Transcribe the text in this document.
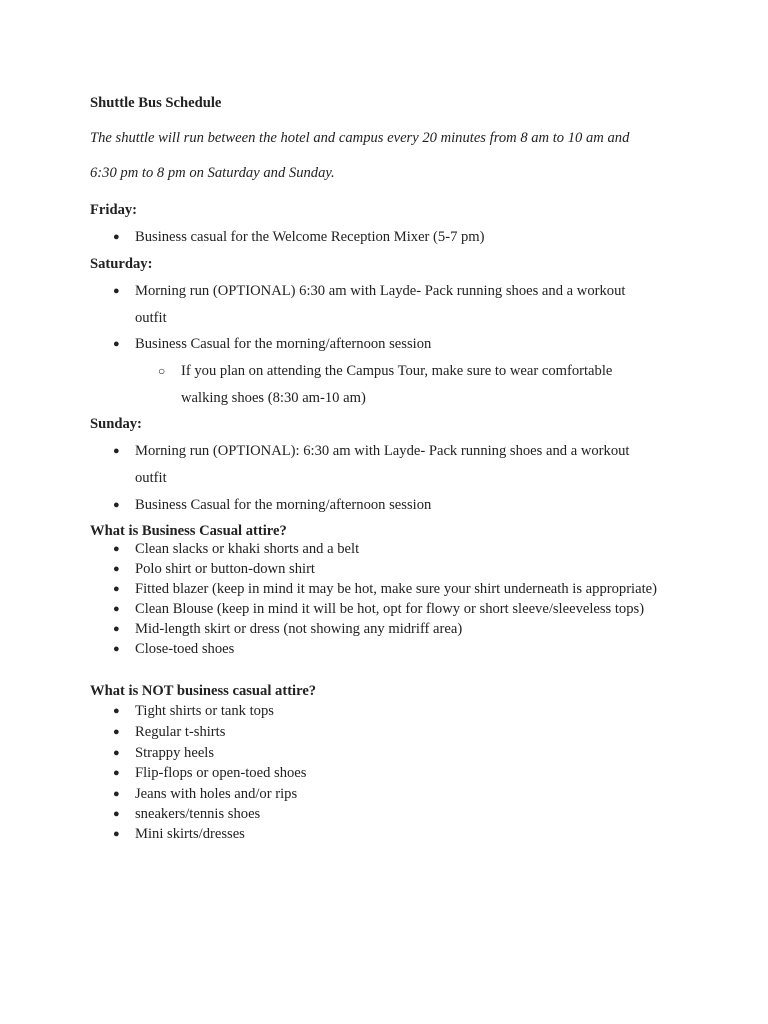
Shuttle Bus Schedule
The shuttle will run between the hotel and campus every 20 minutes from 8 am to 10 am and
6:30 pm to 8 pm on Saturday and Sunday.
Friday:
●	Business casual for the Welcome Reception Mixer (5-7 pm)
Saturday:
●	Morning run (OPTIONAL) 6:30 am with Layde- Pack running shoes and a workout
outfit
●	Business Casual for the morning/afternoon session
○ If you plan on attending the Campus Tour, make sure to wear comfortable
walking shoes (8:30 am-10 am)
Sunday:
●	Morning run (OPTIONAL): 6:30 am with Layde- Pack running shoes and a workout
outfit
●	Business Casual for the morning/afternoon session
What is Business Casual attire?
●	Clean slacks or khaki shorts and a belt
●	Polo shirt or button-down shirt
●	Fitted blazer (keep in mind it may be hot, make sure your shirt underneath is appropriate)
●	Clean Blouse (keep in mind it will be hot, opt for flowy or short sleeve/sleeveless tops)
●	Mid-length skirt or dress (not showing any midriff area)
●	Close-toed shoes
What is NOT business casual attire?
●	Tight shirts or tank tops
●	Regular t-shirts
●	Strappy heels
●	Flip-flops or open-toed shoes
●	Jeans with holes and/or rips
●	sneakers/tennis shoes
●	Mini skirts/dresses
